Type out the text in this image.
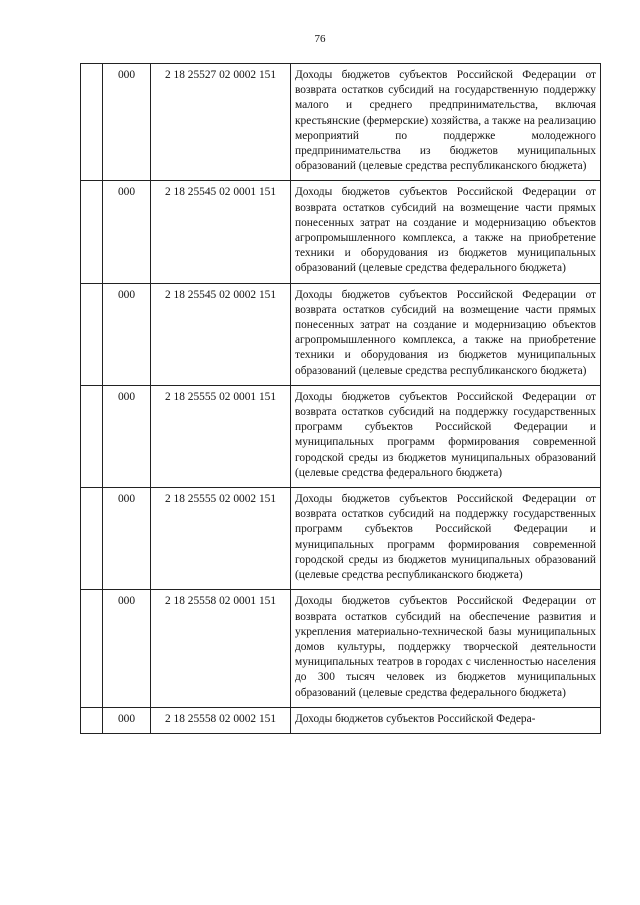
76
	000	2 18 25527 02 0002 151	Доходы бюджетов субъектов Российской Федерации от возврата остатков субсидий на государственную поддержку малого и среднего предпринимательства, включая крестьянские (фермерские) хозяйства, а также на реализацию мероприятий по поддержке молодежного предпринимательства из бюджетов муниципальных образований (целевые средства республиканского бюджета)
	000	2 18 25545 02 0001 151	Доходы бюджетов субъектов Российской Федерации от возврата остатков субсидий на возмещение части прямых понесенных затрат на создание и модернизацию объектов агропромышленного комплекса, а также на приобретение техники и оборудования из бюджетов муниципальных образований (целевые средства федерального бюджета)
	000	2 18 25545 02 0002 151	Доходы бюджетов субъектов Российской Федерации от возврата остатков субсидий на возмещение части прямых понесенных затрат на создание и модернизацию объектов агропромышленного комплекса, а также на приобретение техники и оборудования из бюджетов муниципальных образований (целевые средства республиканского бюджета)
	000	2 18 25555 02 0001 151	Доходы бюджетов субъектов Российской Федерации от возврата остатков субсидий на поддержку государственных программ субъектов Российской Федерации и муниципальных программ формирования современной городской среды из бюджетов муниципальных образований (целевые средства федерального бюджета)
	000	2 18 25555 02 0002 151	Доходы бюджетов субъектов Российской Федерации от возврата остатков субсидий на поддержку государственных программ субъектов Российской Федерации и муниципальных программ формирования современной городской среды из бюджетов муниципальных образований (целевые средства республиканского бюджета)
	000	2 18 25558 02 0001 151	Доходы бюджетов субъектов Российской Федерации от возврата остатков субсидий на обеспечение развития и укрепления материально-технической базы муниципальных домов культуры, поддержку творческой деятельности муниципальных театров в городах с численностью населения до 300 тысяч человек из бюджетов муниципальных образований (целевые средства федерального бюджета)
	000	2 18 25558 02 0002 151	Доходы бюджетов субъектов Российской Федера-
